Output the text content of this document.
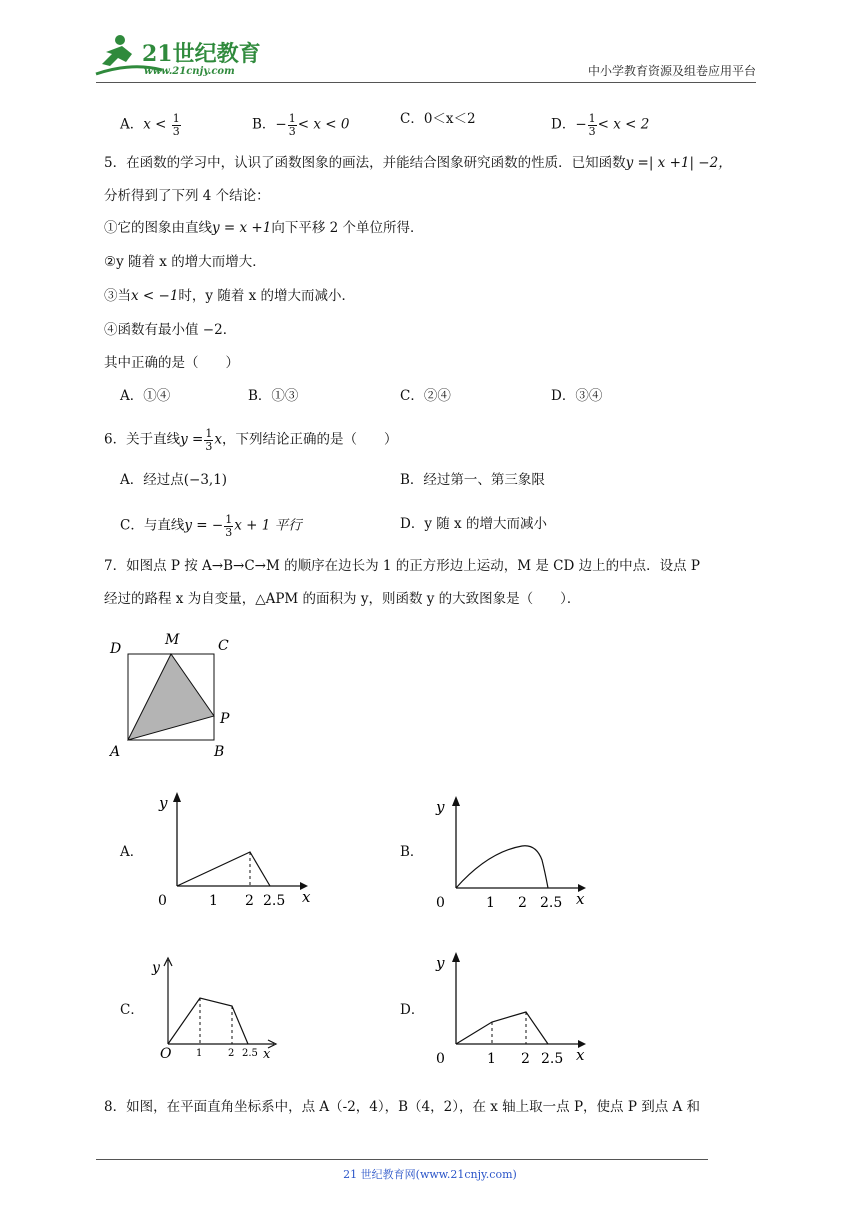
21世纪教育
www.21cnjy.com	中小学教育资源及组卷应用平台
A．$x < \frac{1}{3}$	B．− $\frac{1}{3} < x < 0$	C．0＜x＜2	D．− $\frac{1}{3} < x < 2$
5．在函数的学习中，认识了函数图象的画法，并能结合图象研究函数的性质．已知函数y =| x +1| −2，
分析得到了下列 4 个结论：
①它的图象由直线y = x +1向下平移 2 个单位所得．
②y 随着 x 的增大而增大．
③当x < −1时，y 随着 x 的增大而减小．
④函数有最小值 −2．
其中正确的是（　　）
A．①④	B．①③	C．②④	D．③④
6．关于直线$y = \frac{1}{3}$ x，下列结论正确的是（　　）
A．经过点(−3,1)	B．经过第一、第三象限
C．与直线y = − $\frac{1}{3}$ x + 1 平行	D．y 随 x 的增大而减小
7．如图点 P 按 A→B→C→M 的顺序在边长为 1 的正方形边上运动，M 是 CD 边上的中点．设点 P
经过的路程 x 为自变量，△APM 的面积为 y，则函数 y 的大致图象是（　　）．
D
M	C
P
A	B
A．
y
x
0	1 2 2.5
B．
y
x
0	1 2 2.5
C．
y
x
O 1	2 2.5
D．
y
x
0	1 2 2.5
8．如图，在平面直角坐标系中，点 A（-2，4），B（4，2），在 x 轴上取一点 P，使点 P 到点 A 和
21 世纪教育网(www.21cnjy.com)
